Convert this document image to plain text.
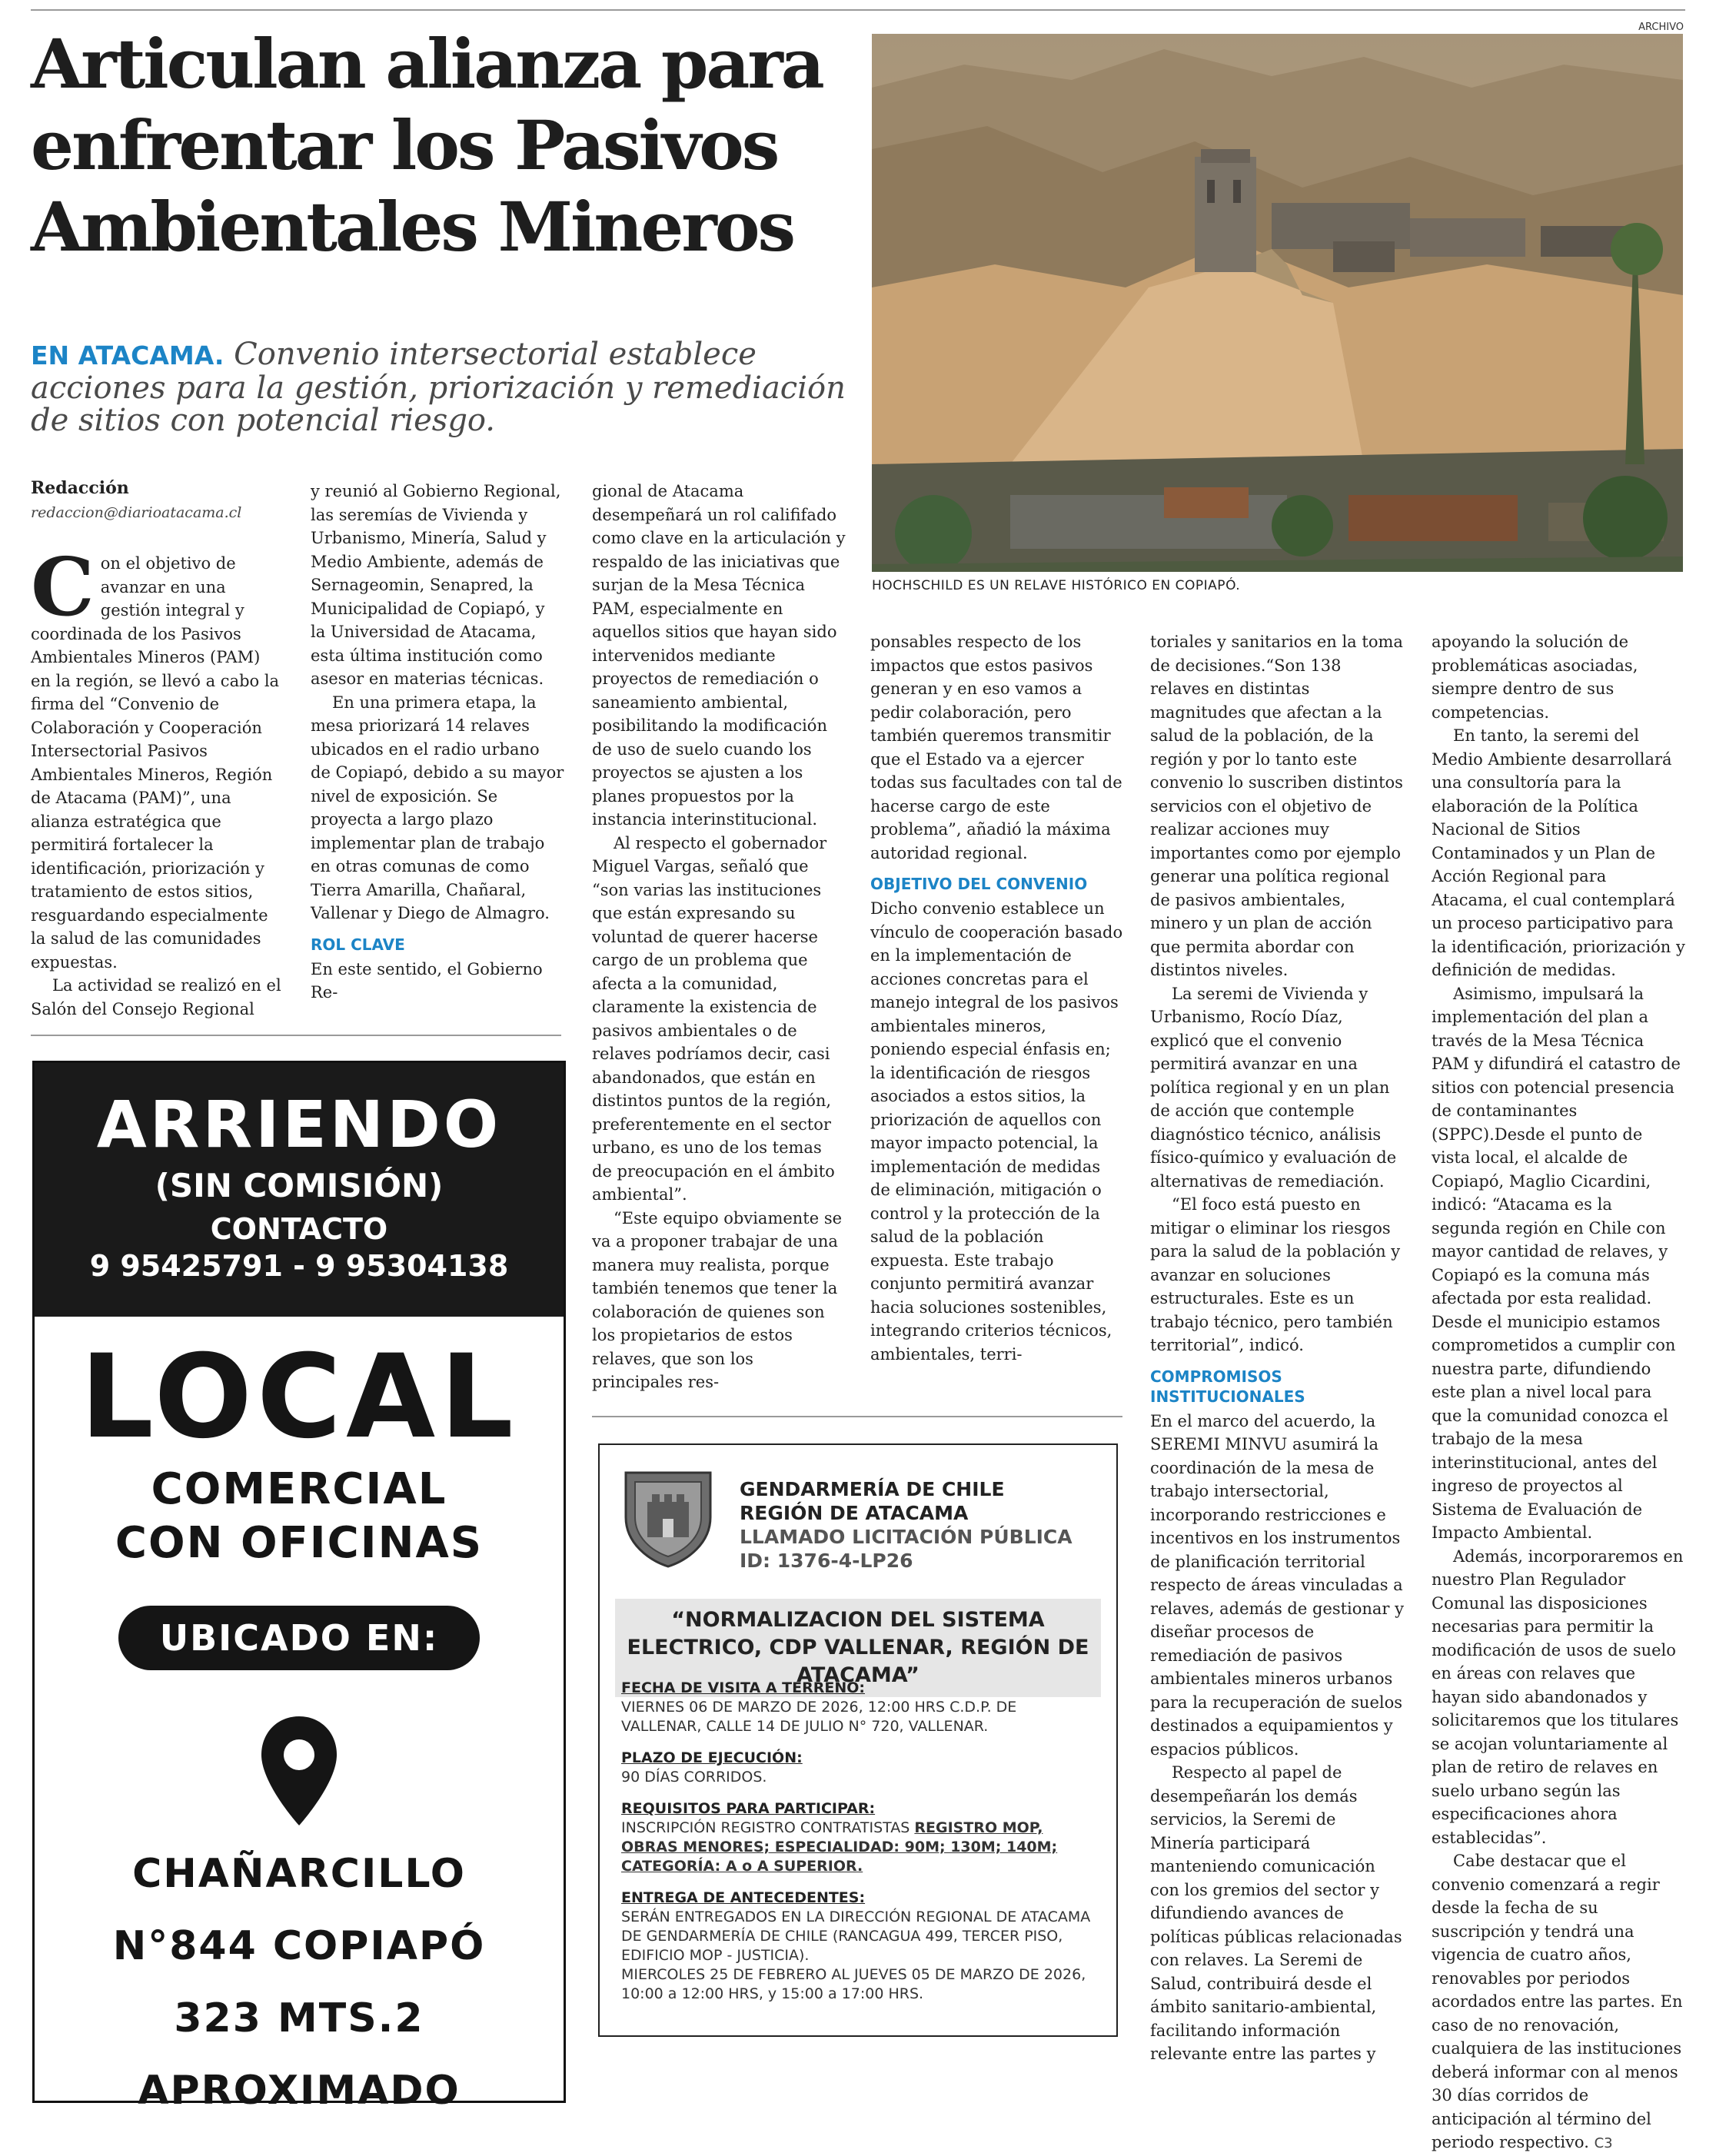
Articulan alianza para enfrentar los Pasivos Ambientales Mineros
ARCHIVO
HOCHSCHILD ES UN RELAVE HISTÓRICO EN COPIAPÓ.

EN ATACAMA. Convenio intersectorial establece acciones para la gestión, priorización y remediación de sitios con potencial riesgo.

Redacción
redaccion@diarioatacama.cl

Con el objetivo de avanzar en una gestión integral y coordinada de los Pasivos Ambientales Mineros (PAM) en la región, se llevó a cabo la firma del “Convenio de Colaboración y Cooperación Intersectorial Pasivos Ambientales Mineros, Región de Atacama (PAM)”, una alianza estratégica que permitirá fortalecer la identificación, priorización y tratamiento de estos sitios, resguardando especialmente la salud de las comunidades expuestas.

La actividad se realizó en el Salón del Consejo Regional

y reunió al Gobierno Regional, las seremías de Vivienda y Urbanismo, Minería, Salud y Medio Ambiente, además de Sernageomin, Senapred, la Municipalidad de Copiapó, y la Universidad de Atacama, esta última institución como asesor en materias técnicas.

En una primera etapa, la mesa priorizará 14 relaves ubicados en el radio urbano de Copiapó, debido a su mayor nivel de exposición. Se proyecta a largo plazo implementar plan de trabajo en otras comunas de como Tierra Amarilla, Chañaral, Vallenar y Diego de Almagro.

ROL CLAVE

En este sentido, el Gobierno Re-

gional de Atacama desempeñará un rol calififado como clave en la articulación y respaldo de las iniciativas que surjan de la Mesa Técnica PAM, especialmente en aquellos sitios que hayan sido intervenidos mediante proyectos de remediación o saneamiento ambiental, posibilitando la modificación de uso de suelo cuando los proyectos se ajusten a los planes propuestos por la instancia interinstitucional.

Al respecto el gobernador Miguel Vargas, señaló que “son varias las instituciones que están expresando su voluntad de querer hacerse cargo de un problema que afecta a la comunidad, claramente la existencia de pasivos ambientales o de relaves podríamos decir, casi abandonados, que están en distintos puntos de la región, preferentemente en el sector urbano, es uno de los temas de preocupación en el ámbito ambiental”.

“Este equipo obviamente se va a proponer trabajar de una manera muy realista, porque también tenemos que tener la colaboración de quienes son los propietarios de estos relaves, que son los principales res-

ponsables respecto de los impactos que estos pasivos generan y en eso vamos a pedir colaboración, pero también queremos transmitir que el Estado va a ejercer todas sus facultades con tal de hacerse cargo de este problema”, añadió la máxima autoridad regional.

OBJETIVO DEL CONVENIO

Dicho convenio establece un vínculo de cooperación basado en la implementación de acciones concretas para el manejo integral de los pasivos ambientales mineros, poniendo especial énfasis en; la identificación de riesgos asociados a estos sitios, la priorización de aquellos con mayor impacto potencial, la implementación de medidas de eliminación, mitigación o control y la protección de la salud de la población expuesta. Este trabajo conjunto permitirá avanzar hacia soluciones sostenibles, integrando criterios técnicos, ambientales, terri-

toriales y sanitarios en la toma de decisiones.“Son 138 relaves en distintas magnitudes que afectan a la salud de la población, de la región y por lo tanto este convenio lo suscriben distintos servicios con el objetivo de realizar acciones muy importantes como por ejemplo generar una política regional de pasivos ambientales, minero y un plan de acción que permita abordar con distintos niveles.

La seremi de Vivienda y Urbanismo, Rocío Díaz, explicó que el convenio permitirá avanzar en una política regional y en un plan de acción que contemple diagnóstico técnico, análisis físico-químico y evaluación de alternativas de remediación.

“El foco está puesto en mitigar o eliminar los riesgos para la salud de la población y avanzar en soluciones estructurales. Este es un trabajo técnico, pero también territorial”, indicó.

COMPROMISOS INSTITUCIONALES

En el marco del acuerdo, la SEREMI MINVU asumirá la coordinación de la mesa de trabajo intersectorial, incorporando restricciones e incentivos en los instrumentos de planificación territorial respecto de áreas vinculadas a relaves, además de gestionar y diseñar procesos de remediación de pasivos ambientales mineros urbanos para la recuperación de suelos destinados a equipamientos y espacios públicos.

Respecto al papel de desempeñarán los demás servicios, la Seremi de Minería participará manteniendo comunicación con los gremios del sector y difundiendo avances de políticas públicas relacionadas con relaves. La Seremi de Salud, contribuirá desde el ámbito sanitario-ambiental, facilitando información relevante entre las partes y

apoyando la solución de problemáticas asociadas, siempre dentro de sus competencias.

En tanto, la seremi del Medio Ambiente desarrollará una consultoría para la elaboración de la Política Nacional de Sitios Contaminados y un Plan de Acción Regional para Atacama, el cual contemplará un proceso participativo para la identificación, priorización y definición de medidas.

Asimismo, impulsará la implementación del plan a través de la Mesa Técnica PAM y difundirá el catastro de sitios con potencial presencia de contaminantes (SPPC).Desde el punto de vista local, el alcalde de Copiapó, Maglio Cicardini, indicó: “Atacama es la segunda región en Chile con mayor cantidad de relaves, y Copiapó es la comuna más afectada por esta realidad. Desde el municipio estamos comprometidos a cumplir con nuestra parte, difundiendo este plan a nivel local para que la comunidad conozca el trabajo de la mesa interinstitucional, antes del ingreso de proyectos al Sistema de Evaluación de Impacto Ambiental.

Además, incorporaremos en nuestro Plan Regulador Comunal las disposiciones necesarias para permitir la modificación de usos de suelo en áreas con relaves que hayan sido abandonados y solicitaremos que los titulares se acojan voluntariamente al plan de retiro de relaves en suelo urbano según las especificaciones ahora establecidas”.

Cabe destacar que el convenio comenzará a regir desde la fecha de su suscripción y tendrá una vigencia de cuatro años, renovables por periodos acordados entre las partes. En caso de no renovación, cualquiera de las instituciones deberá informar con al menos 30 días corridos de anticipación al término del periodo respectivo. C3

ARRIENDO
(SIN COMISIÓN)
CONTACTO
9 95425791 - 9 95304138
LOCAL
COMERCIAL
CON OFICINAS
UBICADO EN:
CHAÑARCILLO
N°844 COPIAPÓ
323 MTS.2
APROXIMADO
GENDARMERÍA DE CHILE
REGIÓN DE ATACAMA
LLAMADO LICITACIÓN PÚBLICA
ID: 1376-4-LP26
“NORMALIZACION DEL SISTEMA ELECTRICO, CDP VALLENAR, REGIÓN DE ATACAMA”
FECHA DE VISITA A TERRENO:
VIERNES 06 DE MARZO DE 2026, 12:00 HRS C.D.P. DE VALLENAR, CALLE 14 DE JULIO N° 720, VALLENAR.
PLAZO DE EJECUCIÓN:
90 DÍAS CORRIDOS.
REQUISITOS PARA PARTICIPAR:
INSCRIPCIÓN REGISTRO CONTRATISTAS REGISTRO MOP, OBRAS MENORES; ESPECIALIDAD: 90M; 130M; 140M; CATEGORÍA: A o A SUPERIOR.
ENTREGA DE ANTECEDENTES:
SERÁN ENTREGADOS EN LA DIRECCIÓN REGIONAL DE ATACAMA DE GENDARMERÍA DE CHILE (RANCAGUA 499, TERCER PISO, EDIFICIO MOP - JUSTICIA).
MIERCOLES 25 DE FEBRERO AL JUEVES 05 DE MARZO DE 2026, 10:00 a 12:00 HRS, y 15:00 a 17:00 HRS.
